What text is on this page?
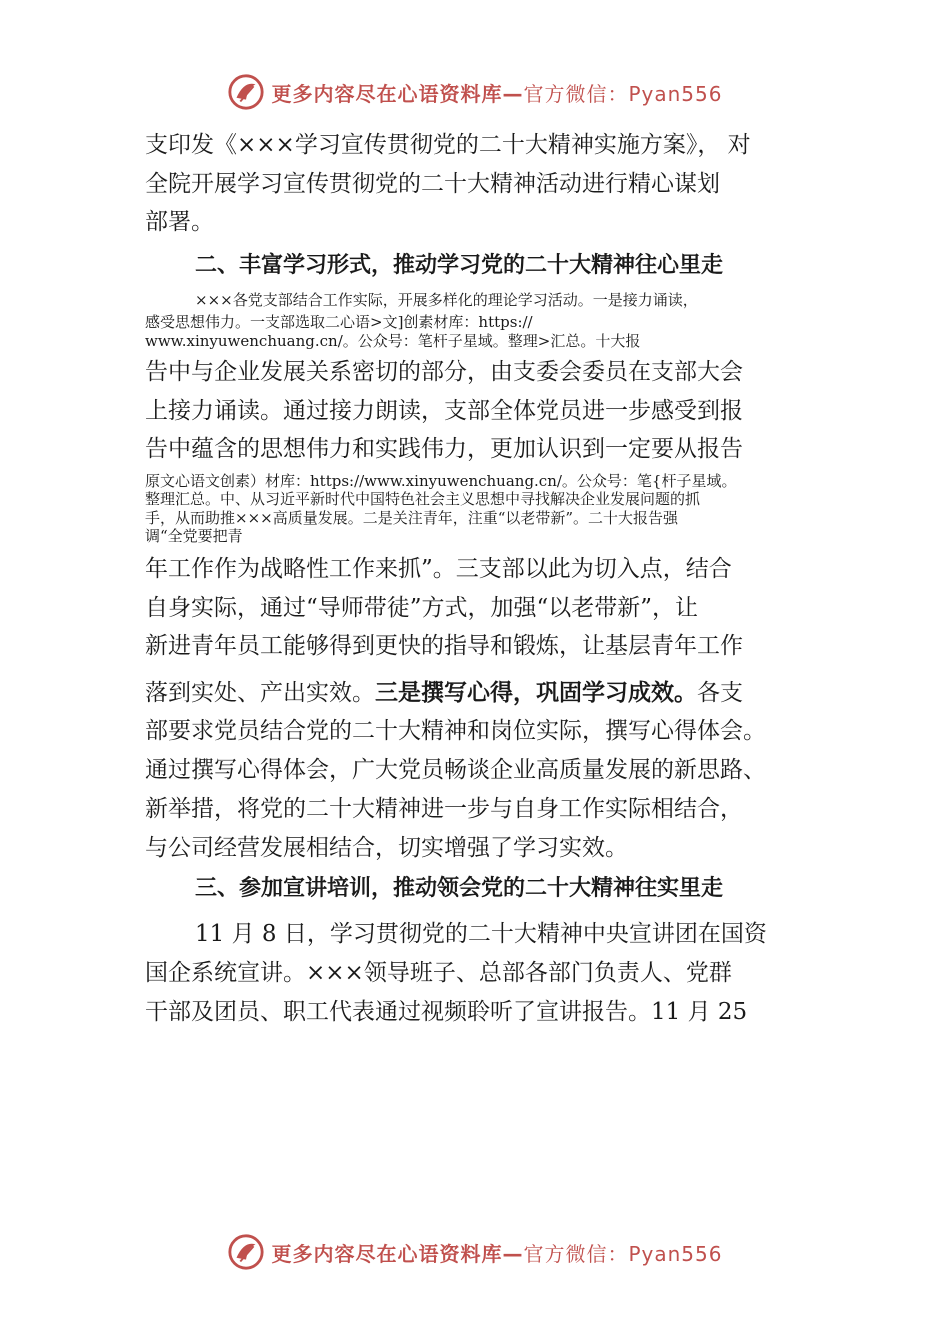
更多内容尽在心语资料库—官方微信：Pyan556
支印发《×××学习宣传贯彻党的二十大精神实施方案》， 对
全院开展学习宣传贯彻党的二十大精神活动进行精心谋划
部署。
二、丰富学习形式，推动学习党的二十大精神往心里走
×××各党支部结合工作实际，开展多样化的理论学习活动。一是接力诵读，
感受思想伟力。一支部选取二心语>文]创素材库：https://
www.xinyuwenchuang.cn/。公众号：笔杆子星域。整理>汇总。十大报
告中与企业发展关系密切的部分，由支委会委员在支部大会
上接力诵读。通过接力朗读，支部全体党员进一步感受到报
告中蕴含的思想伟力和实践伟力，更加认识到一定要从报告
原文心语文创素）材库：https://www.xinyuwenchuang.cn/。公众号：笔{杆子星域。
整理汇总。中、从习近平新时代中国特色社会主义思想中寻找解决企业发展问题的抓
手，从而助推×××高质量发展。二是关注青年，注重“以老带新”。二十大报告强
调“全党要把青
年工作作为战略性工作来抓”。三支部以此为切入点，结合
自身实际，通过“导师带徒”方式，加强“以老带新”，让
新进青年员工能够得到更快的指导和锻炼，让基层青年工作
落到实处、产出实效。三是撰写心得，巩固学习成效。各支
部要求党员结合党的二十大精神和岗位实际，撰写心得体会。
通过撰写心得体会，广大党员畅谈企业高质量发展的新思路、
新举措，将党的二十大精神进一步与自身工作实际相结合，
与公司经营发展相结合，切实增强了学习实效。
三、参加宣讲培训，推动领会党的二十大精神往实里走
11 月 8 日，学习贯彻党的二十大精神中央宣讲团在国资
国企系统宣讲。×××领导班子、总部各部门负责人、党群
干部及团员、职工代表通过视频聆听了宣讲报告。11 月 25
更多内容尽在心语资料库—官方微信：Pyan556
